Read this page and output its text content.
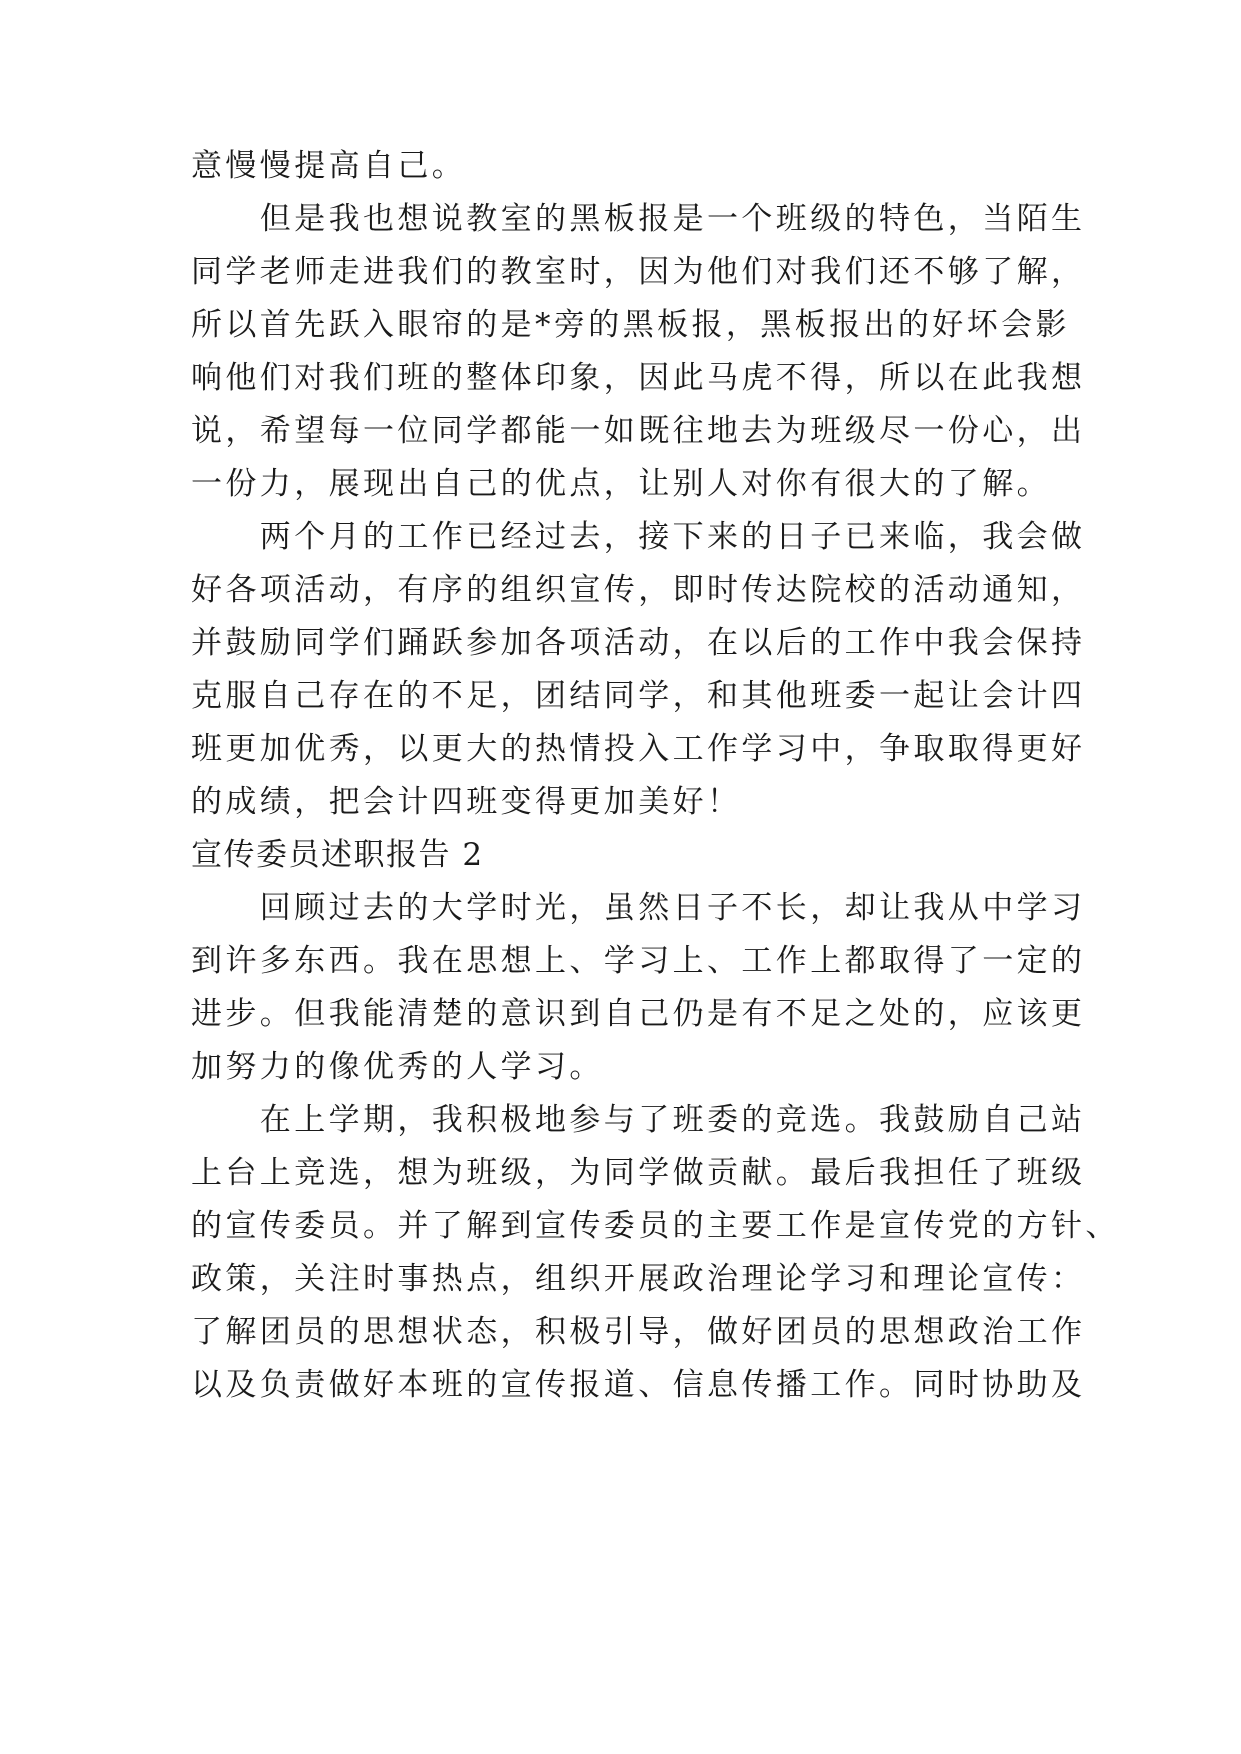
意慢慢提高自己。
　　但是我也想说教室的黑板报是一个班级的特色，当陌生
同学老师走进我们的教室时，因为他们对我们还不够了解，
所以首先跃入眼帘的是*旁的黑板报，黑板报出的好坏会影
响他们对我们班的整体印象，因此马虎不得，所以在此我想
说，希望每一位同学都能一如既往地去为班级尽一份心，出
一份力，展现出自己的优点，让别人对你有很大的了解。
　　两个月的工作已经过去，接下来的日子已来临，我会做
好各项活动，有序的组织宣传，即时传达院校的活动通知，
并鼓励同学们踊跃参加各项活动，在以后的工作中我会保持
克服自己存在的不足，团结同学，和其他班委一起让会计四
班更加优秀，以更大的热情投入工作学习中，争取取得更好
的成绩，把会计四班变得更加美好！
宣传委员述职报告 2
　　回顾过去的大学时光，虽然日子不长，却让我从中学习
到许多东西。我在思想上、学习上、工作上都取得了一定的
进步。但我能清楚的意识到自己仍是有不足之处的，应该更
加努力的像优秀的人学习。
　　在上学期，我积极地参与了班委的竞选。我鼓励自己站
上台上竞选，想为班级，为同学做贡献。最后我担任了班级
的宣传委员。并了解到宣传委员的主要工作是宣传党的方针、
政策，关注时事热点，组织开展政治理论学习和理论宣传：
了解团员的思想状态，积极引导，做好团员的思想政治工作
以及负责做好本班的宣传报道、信息传播工作。同时协助及
